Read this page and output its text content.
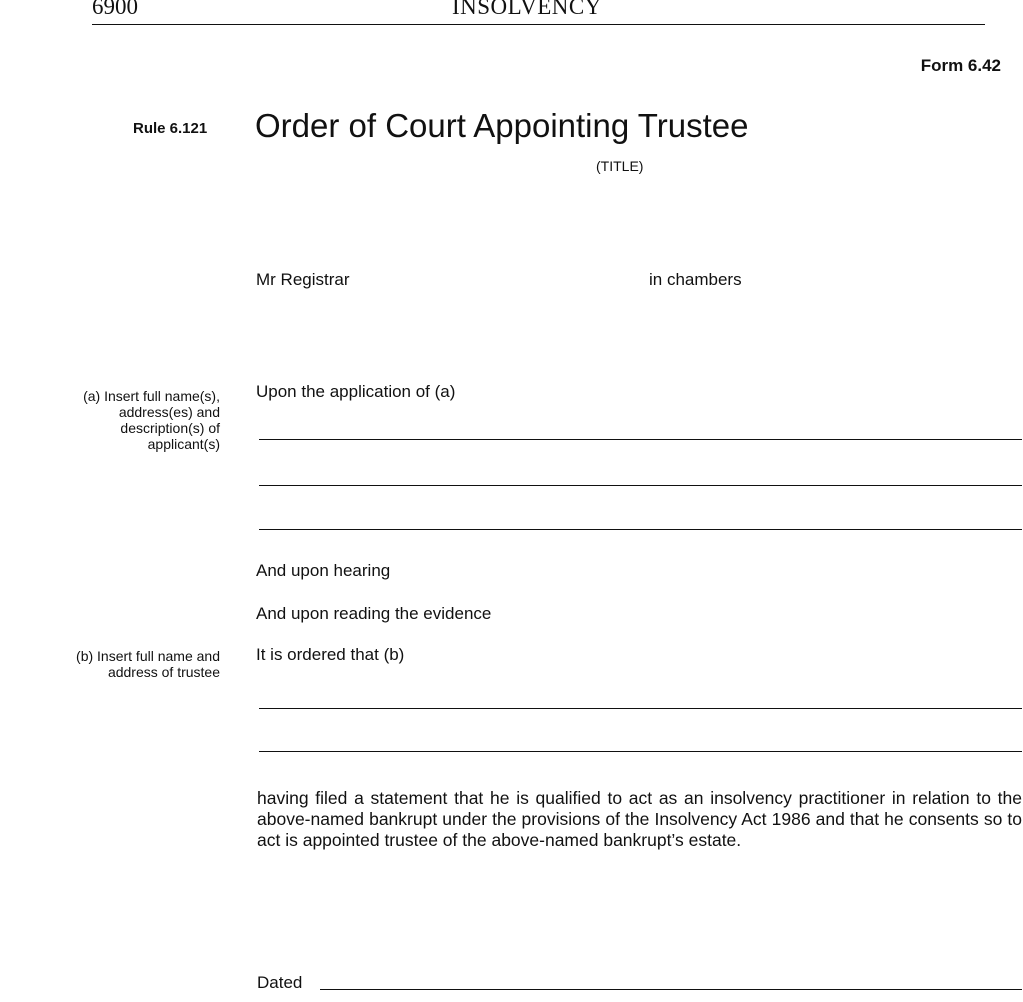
6900	INSOLVENCY
Form 6.42
Rule 6.121 Order of Court Appointing Trustee
(TITLE)
Mr Registrar	in chambers
(a) Insert full name(s), address(es) and description(s) of applicant(s)
Upon the application of (a)
And upon hearing
And upon reading the evidence
(b) Insert full name and address of trustee
It is ordered that (b)
having filed a statement that he is qualified to act as an insolvency practitioner in relation to the above-named bankrupt under the provisions of the Insolvency Act 1986 and that he consents so to act is appointed trustee of the above-named bankrupt’s estate.
Dated
